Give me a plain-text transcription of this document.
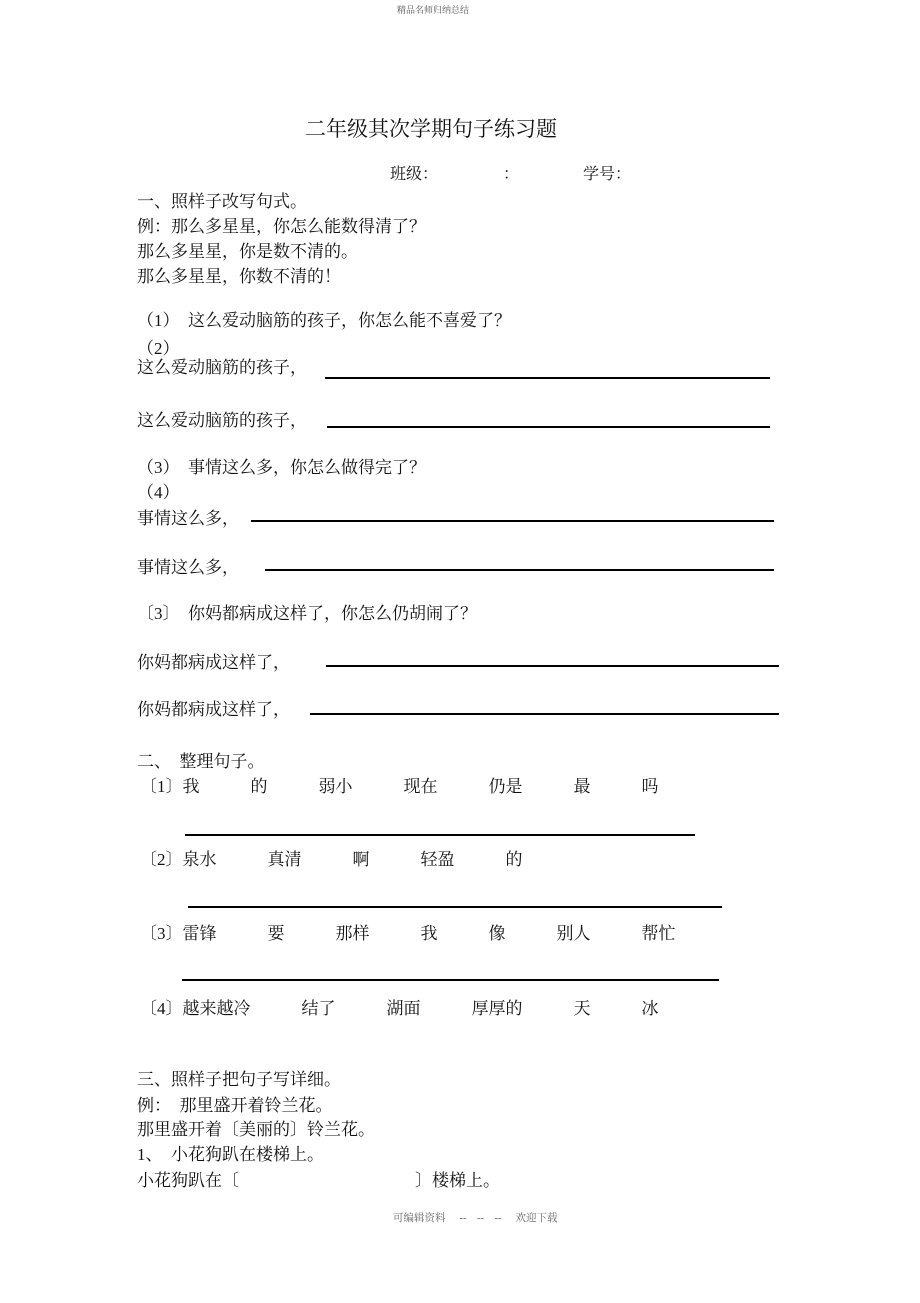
精品名师归纳总结
二年级其次学期句子练习题
班级：	：	学号：
一、照样子改写句式。
例：那么多星星，你怎么能数得清了？
那么多星星，你是数不清的。
那么多星星，你数不清的！
（1）　这么爱动脑筋的孩子，你怎么能不喜爱了？
（2）
这么爱动脑筋的孩子，
这么爱动脑筋的孩子，
（3）　事情这么多，你怎么做得完了？
（4）
事情这么多，
事情这么多，
〔3〕　你妈都病成这样了，你怎么仍胡闹了？
你妈都病成这样了，
你妈都病成这样了，
二、　整理句子。
〔1〕我　　　的　　　弱小　　　现在　　　仍是　　　最　　　吗
〔2〕泉水　　　真清　　　啊　　　轻盈　　　的
〔3〕雷锋　　　要　　　那样　　　我　　　像　　　别人　　　帮忙
〔4〕越来越冷　　　结了　　　湖面　　　厚厚的　　　天　　　冰
三、照样子把句子写详细。
例：　那里盛开着铃兰花。
那里盛开着〔美丽的〕铃兰花。
1、　小花狗趴在楼梯上。
小花狗趴在〔	〕楼梯上。
可编辑资料 --　--　-- 欢迎下载
